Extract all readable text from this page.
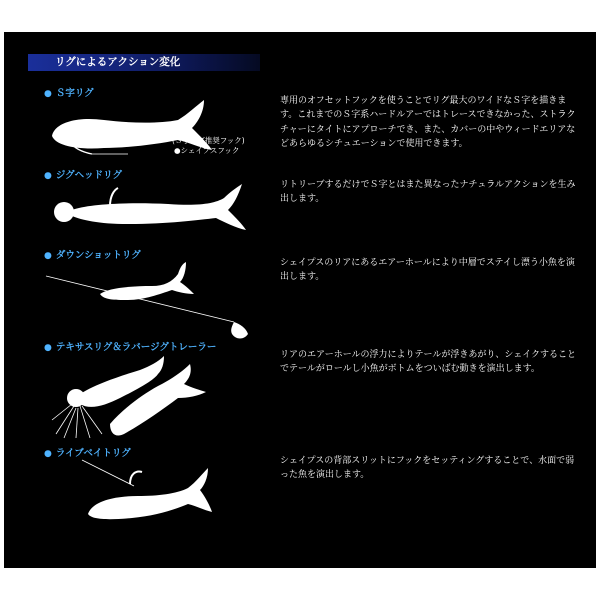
リグによるアクション変化
● Ｓ字リグ
(Ｓ字リグ推奨フック)
●シェイプスフック

専用のオフセットフックを使うことでリグ最大のワイドなＳ字を描きます。これまでのＳ字系ハードルアーではトレースできなかった、ストラクチャーにタイトにアプローチでき、また、カバーの中やウィードエリアなどあらゆるシチュエーションで使用できます。

● ジグヘッドリグ

リトリーブするだけでＳ字とはまた異なったナチュラルアクションを生み出します。

● ダウンショットリグ

シェイプスのリアにあるエアーホールにより中層でステイし漂う小魚を演出します。

● テキサスリグ＆ラバージグトレーラー

リアのエアーホールの浮力によりテールが浮きあがり、シェイクすることでテールがロールし小魚がボトムをついばむ動きを演出します。

● ライブベイトリグ

シェイプスの背部スリットにフックをセッティングすることで、水面で弱った魚を演出します。
